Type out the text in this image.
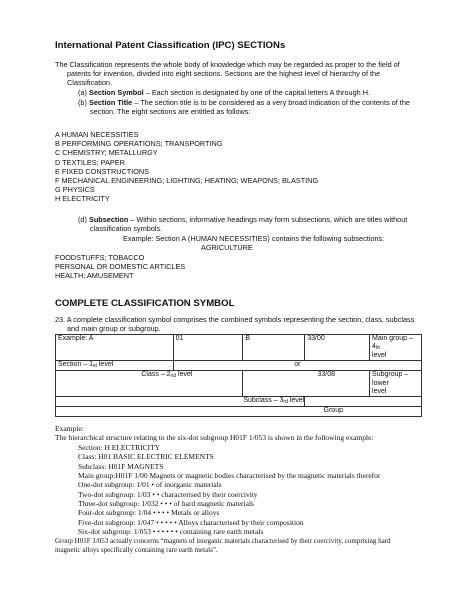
International Patent Classification (IPC) SECTIONs
The Classification represents the whole body of knowledge which may be regarded as proper to the field of
patents for invention, divided into eight sections. Sections are the highest level of hierarchy of the
Classification.
(a) Section Symbol – Each section is designated by one of the capital letters A through H.
(b) Section Title – The section title is to be considered as a very broad indication of the contents of the
section. The eight sections are entitled as follows:
A HUMAN NECESSITIES
B PERFORMING OPERATIONS; TRANSPORTING
C CHEMISTRY; METALLURGY
D TEXTILES; PAPER
E FIXED CONSTRUCTIONS
F MECHANICAL ENGINEERING; LIGHTING; HEATING; WEAPONS; BLASTING
G PHYSICS
H ELECTRICITY
(d) Subsection – Within sections, informative headings may form subsections, which are titles without
classification symbols.
Example: Section A (HUMAN NECESSITIES) contains the following subsections:
AGRICULTURE
FOODSTUFFS; TOBACCO
PERSONAL OR DOMESTIC ARTICLES
HEALTH; AMUSEMENT
COMPLETE CLASSIFICATION SYMBOL
23. A complete classification symbol comprises the combined symbols representing the section, class, subclass
and main group or subgroup.
Example: A	01	B	33/00	Main group – 4th
level
Section – 1st level	or			
Class – 2nd level		33/08		Subgroup – lower
level
Subclass – 3rd level				
Group				
Example:
The hierarchical structure relating to the six-dot subgroup H01F 1/053 is shown in the following example:
Section: H ELECTRICITY
Class: H01 BASIC ELECTRIC ELEMENTS
Subclass: H01F MAGNETS
Main group:H01F 1/00 Magnets or magnetic bodies characterised by the magnetic materials therefor
One-dot subgroup: 1/01 • of inorganic materials
Two-dot subgroup: 1/03 • • characterised by their coercivity
Three-dot subgroup: 1/032 • • • of hard magnetic materials
Four-dot subgroup: 1/04 • • • • Metals or alloys
Five-dot subgroup: 1/047 • • • • • Alloys characterised by their composition
Six-dot subgroup: 1/053 • • • • • • containing rare earth metals
Group H01F 1/053 actually concerns “magnets of inorganic materials characterised by their coercivity, comprising hard
magnetic alloys specifically containing rare earth metals”.
